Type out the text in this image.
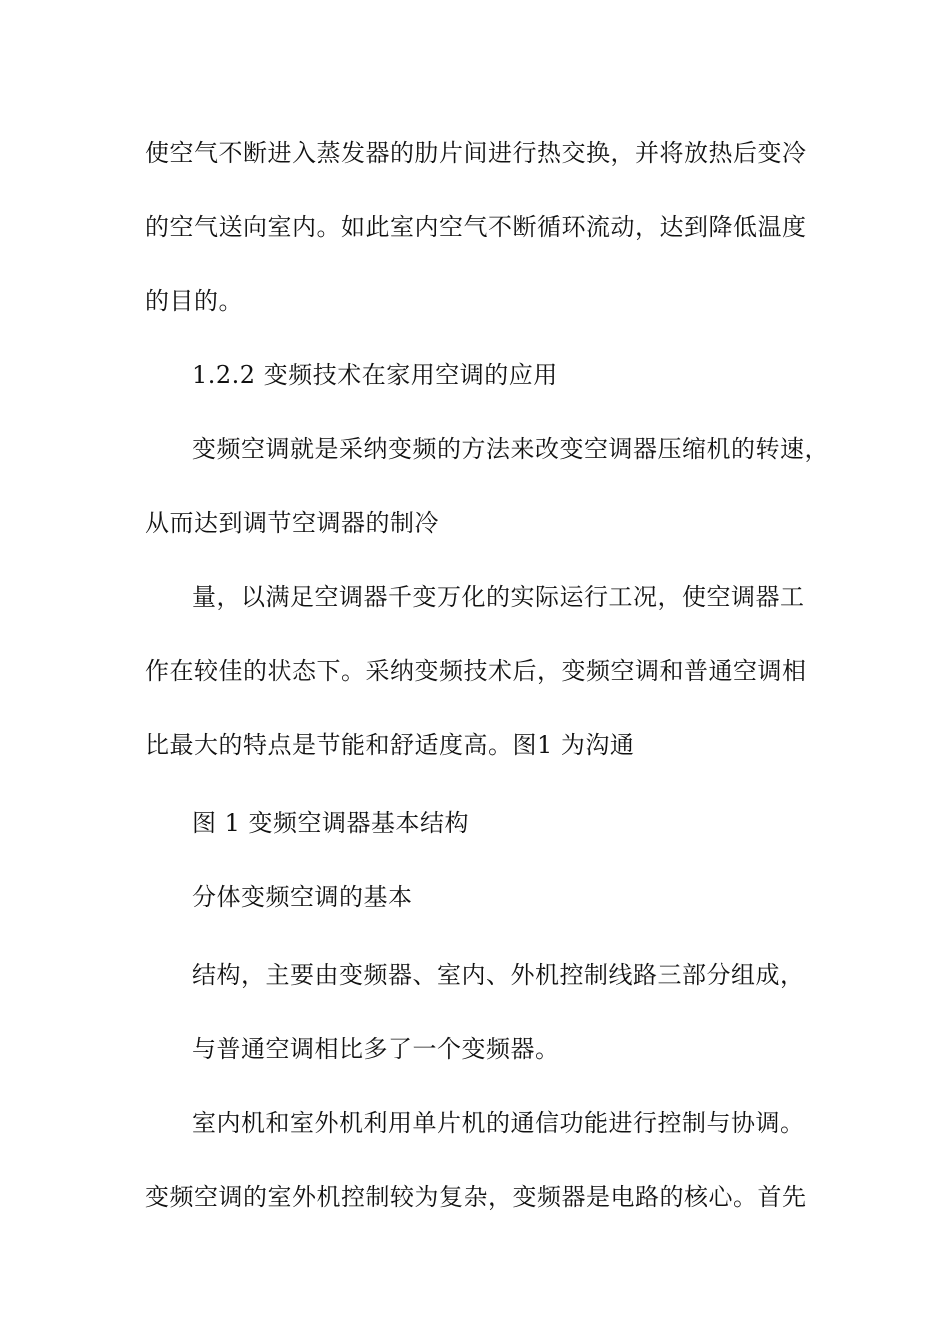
使空气不断进入蒸发器的肋片间进行热交换，并将放热后变冷

的空气送向室内。如此室内空气不断循环流动，达到降低温度

的目的。

1.2.2 变频技术在家用空调的应用

变频空调就是采纳变频的方法来改变空调器压缩机的转速，

从而达到调节空调器的制冷

量，以满足空调器千变万化的实际运行工况，使空调器工

作在较佳的状态下。采纳变频技术后，变频空调和普通空调相

比最大的特点是节能和舒适度高。图1 为沟通

图 1 变频空调器基本结构

分体变频空调的基本

结构，主要由变频器、室内、外机控制线路三部分组成，

与普通空调相比多了一个变频器。

室内机和室外机利用单片机的通信功能进行控制与协调。

变频空调的室外机控制较为复杂，变频器是电路的核心。首先
